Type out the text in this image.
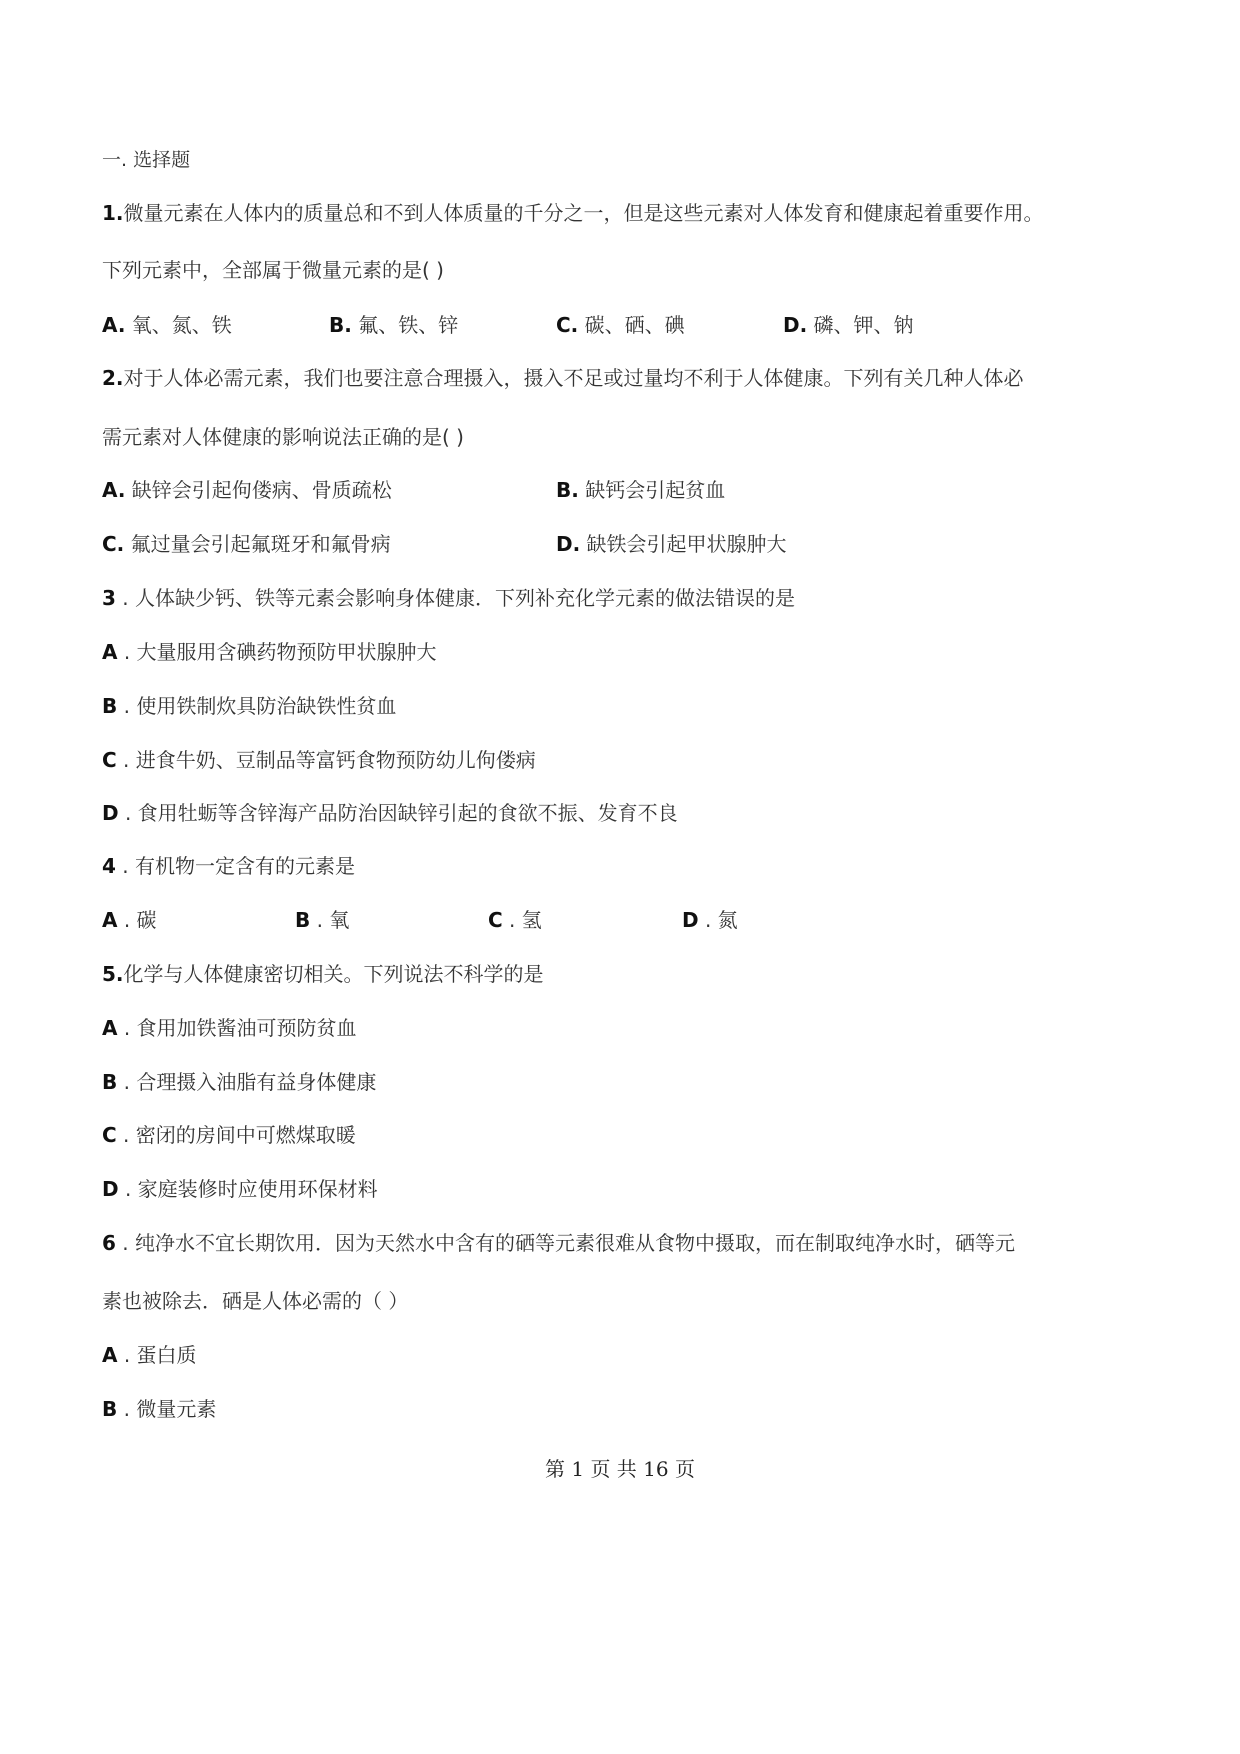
一. 选择题
1.微量元素在人体内的质量总和不到人体质量的千分之一，但是这些元素对人体发育和健康起着重要作用。
下列元素中，全部属于微量元素的是( )
A. 氧、氮、铁	B. 氟、铁、锌	C. 碳、硒、碘	D. 磷、钾、钠
2.对于人体必需元素，我们也要注意合理摄入，摄入不足或过量均不利于人体健康。下列有关几种人体必
需元素对人体健康的影响说法正确的是( )
A. 缺锌会引起佝偻病、骨质疏松	B. 缺钙会引起贫血
C. 氟过量会引起氟斑牙和氟骨病	D. 缺铁会引起甲状腺肿大
3 . 人体缺少钙、铁等元素会影响身体健康．下列补充化学元素的做法错误的是
A . 大量服用含碘药物预防甲状腺肿大
B . 使用铁制炊具防治缺铁性贫血
C . 进食牛奶、豆制品等富钙食物预防幼儿佝偻病
D . 食用牡蛎等含锌海产品防治因缺锌引起的食欲不振、发育不良
4 . 有机物一定含有的元素是
A . 碳	B . 氧	C . 氢	D . 氮
5.化学与人体健康密切相关。下列说法不科学的是
A . 食用加铁酱油可预防贫血
B . 合理摄入油脂有益身体健康
C . 密闭的房间中可燃煤取暖
D . 家庭装修时应使用环保材料
6 . 纯净水不宜长期饮用．因为天然水中含有的硒等元素很难从食物中摄取，而在制取纯净水时，硒等元
素也被除去．硒是人体必需的（ ）
A . 蛋白质
B . 微量元素
第 1 页 共 16 页
